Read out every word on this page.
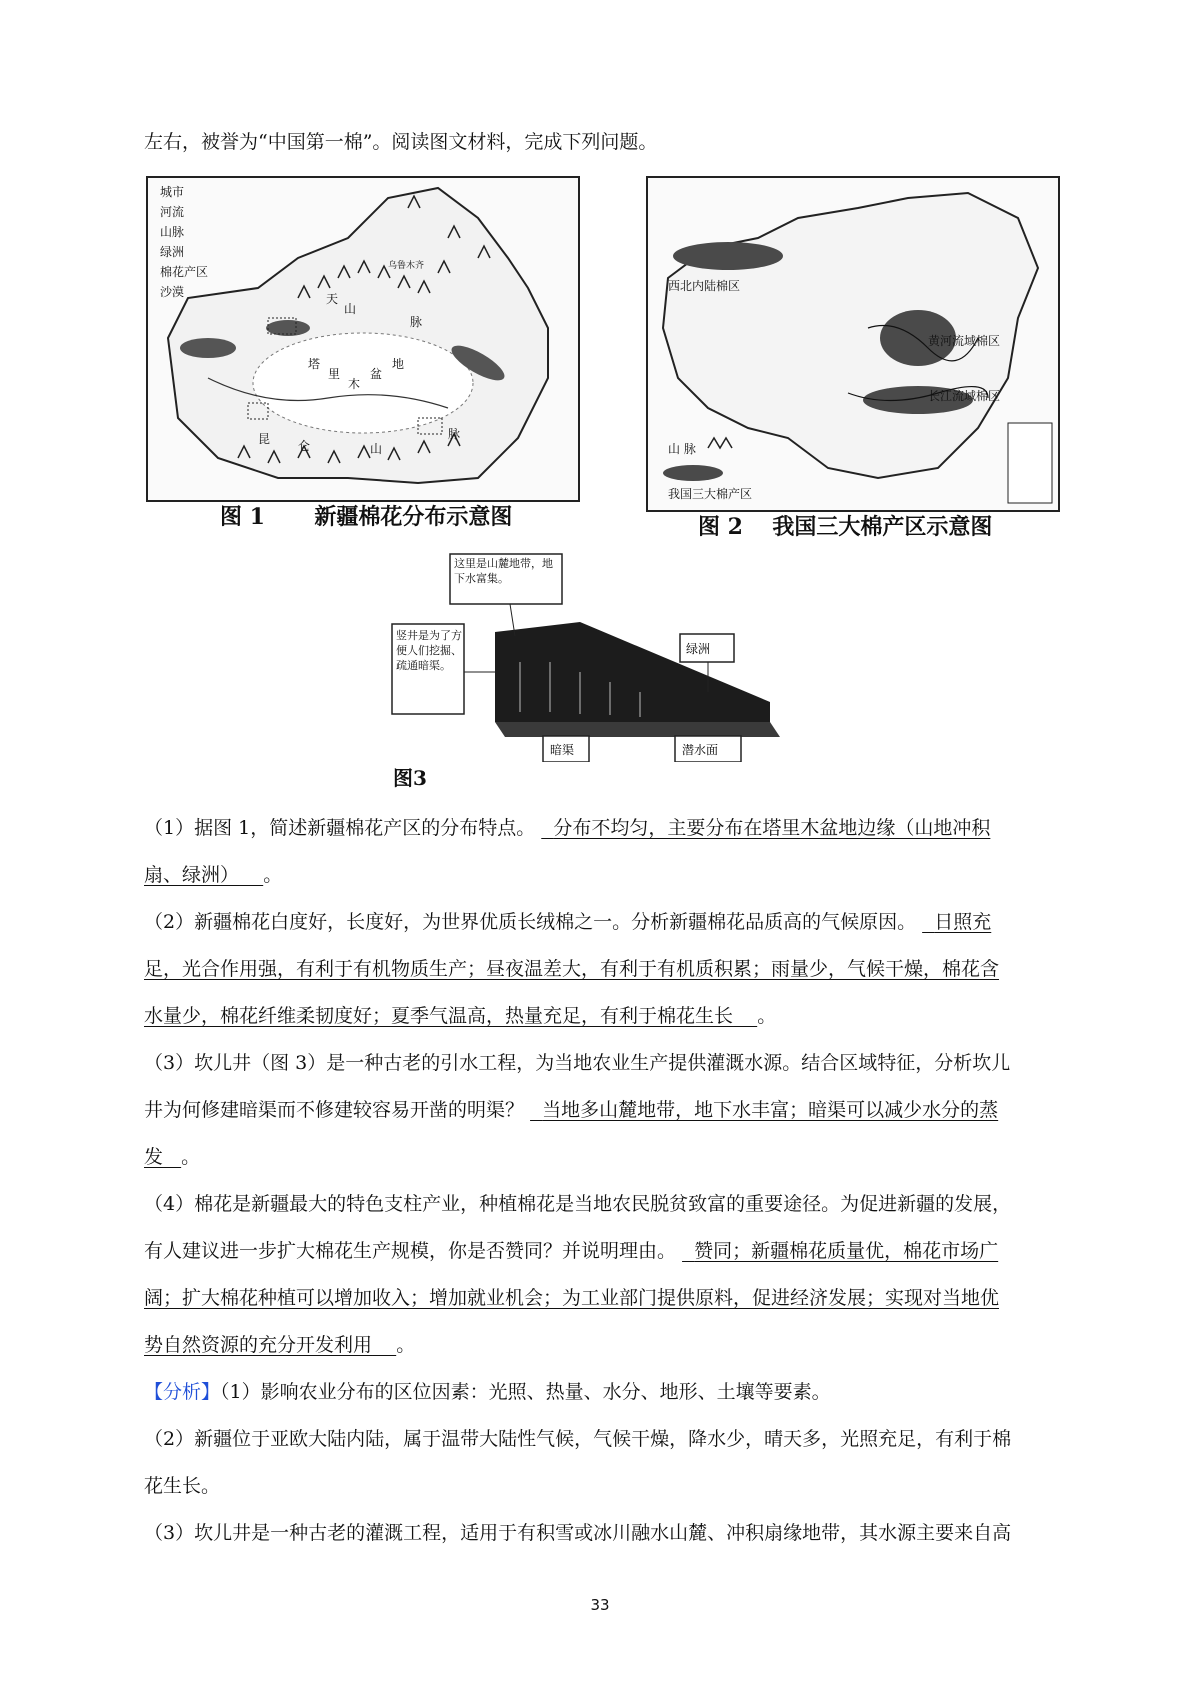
左右，被誉为“中国第一棉”。阅读图文材料，完成下列问题。
城市
河流
山脉
绿洲
棉花产区
沙漠	天
山
脉
乌鲁木齐
塔
里
木
盆
地
昆 仑	山
脉
图 1 新疆棉花分布示意图
西北内陆棉区
黄河流域棉区
长江流域棉区
山 脉
我国三大棉产区
图 2 我国三大棉产区示意图
这里是山麓地带，地下水富集。
竖井是为了方便人们挖掘、疏通暗渠。
绿洲
暗渠	潜水面
图3
（1）据图 1，简述新疆棉花产区的分布特点。 分布不均匀，主要分布在塔里木盆地边缘（山地冲积
扇、绿洲） 。
（2）新疆棉花白度好，长度好，为世界优质长绒棉之一。分析新疆棉花品质高的气候原因。 日照充
足，光合作用强，有利于有机物质生产；昼夜温差大，有利于有机质积累；雨量少，气候干燥，棉花含
水量少，棉花纤维柔韧度好；夏季气温高，热量充足，有利于棉花生长 。
（3）坎儿井（图 3）是一种古老的引水工程，为当地农业生产提供灌溉水源。结合区域特征，分析坎儿
井为何修建暗渠而不修建较容易开凿的明渠？ 当地多山麓地带，地下水丰富；暗渠可以减少水分的蒸
发 。
（4）棉花是新疆最大的特色支柱产业，种植棉花是当地农民脱贫致富的重要途径。为促进新疆的发展，
有人建议进一步扩大棉花生产规模，你是否赞同？并说明理由。 赞同；新疆棉花质量优，棉花市场广
阔；扩大棉花种植可以增加收入；增加就业机会；为工业部门提供原料，促进经济发展；实现对当地优
势自然资源的充分开发利用 。
【分析】（1）影响农业分布的区位因素：光照、热量、水分、地形、土壤等要素。
（2）新疆位于亚欧大陆内陆，属于温带大陆性气候，气候干燥，降水少，晴天多，光照充足，有利于棉
花生长。
（3）坎儿井是一种古老的灌溉工程，适用于有积雪或冰川融水山麓、冲积扇缘地带，其水源主要来自高
33
